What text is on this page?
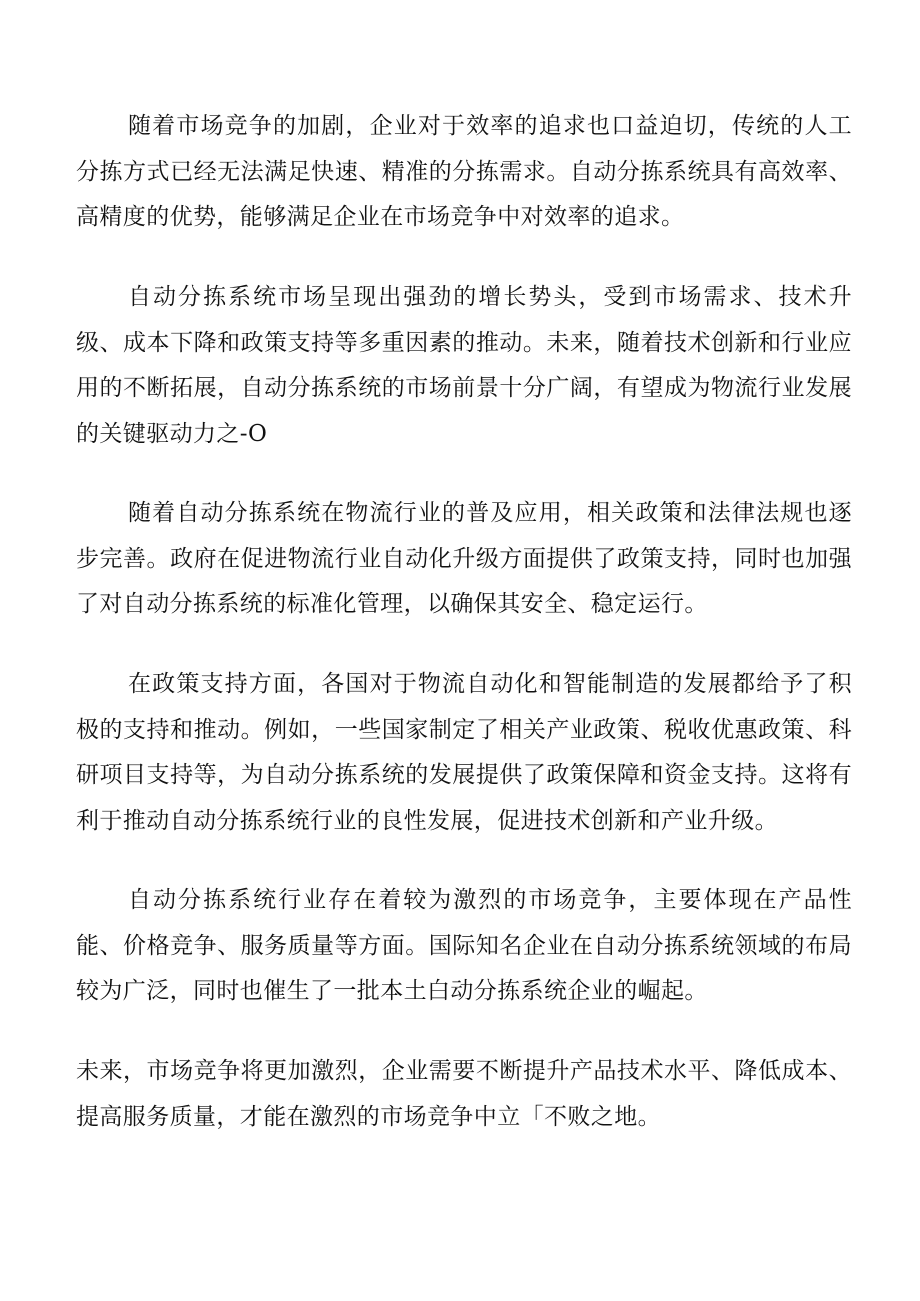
随着市场竞争的加剧，企业对于效率的追求也口益迫切，传统的人工分拣方式已经无法满足快速、精准的分拣需求。自动分拣系统具有高效率、高精度的优势，能够满足企业在市场竞争中对效率的追求。

自动分拣系统市场呈现出强劲的增长势头，受到市场需求、技术升级、成本下降和政策支持等多重因素的推动。未来，随着技术创新和行业应用的不断拓展，自动分拣系统的市场前景十分广阔，有望成为物流行业发展的关键驱动力之-O

随着自动分拣系统在物流行业的普及应用，相关政策和法律法规也逐步完善。政府在促进物流行业自动化升级方面提供了政策支持，同时也加强了对自动分拣系统的标准化管理，以确保其安全、稳定运行。

在政策支持方面，各国对于物流自动化和智能制造的发展都给予了积极的支持和推动。例如，一些国家制定了相关产业政策、税收优惠政策、科研项目支持等，为自动分拣系统的发展提供了政策保障和资金支持。这将有利于推动自动分拣系统行业的良性发展，促进技术创新和产业升级。

自动分拣系统行业存在着较为激烈的市场竞争，主要体现在产品性能、价格竞争、服务质量等方面。国际知名企业在自动分拣系统领域的布局较为广泛，同时也催生了一批本土白动分拣系统企业的崛起。

未来，市场竞争将更加激烈，企业需要不断提升产品技术水平、降低成本、提高服务质量，才能在激烈的市场竞争中立「不败之地。
